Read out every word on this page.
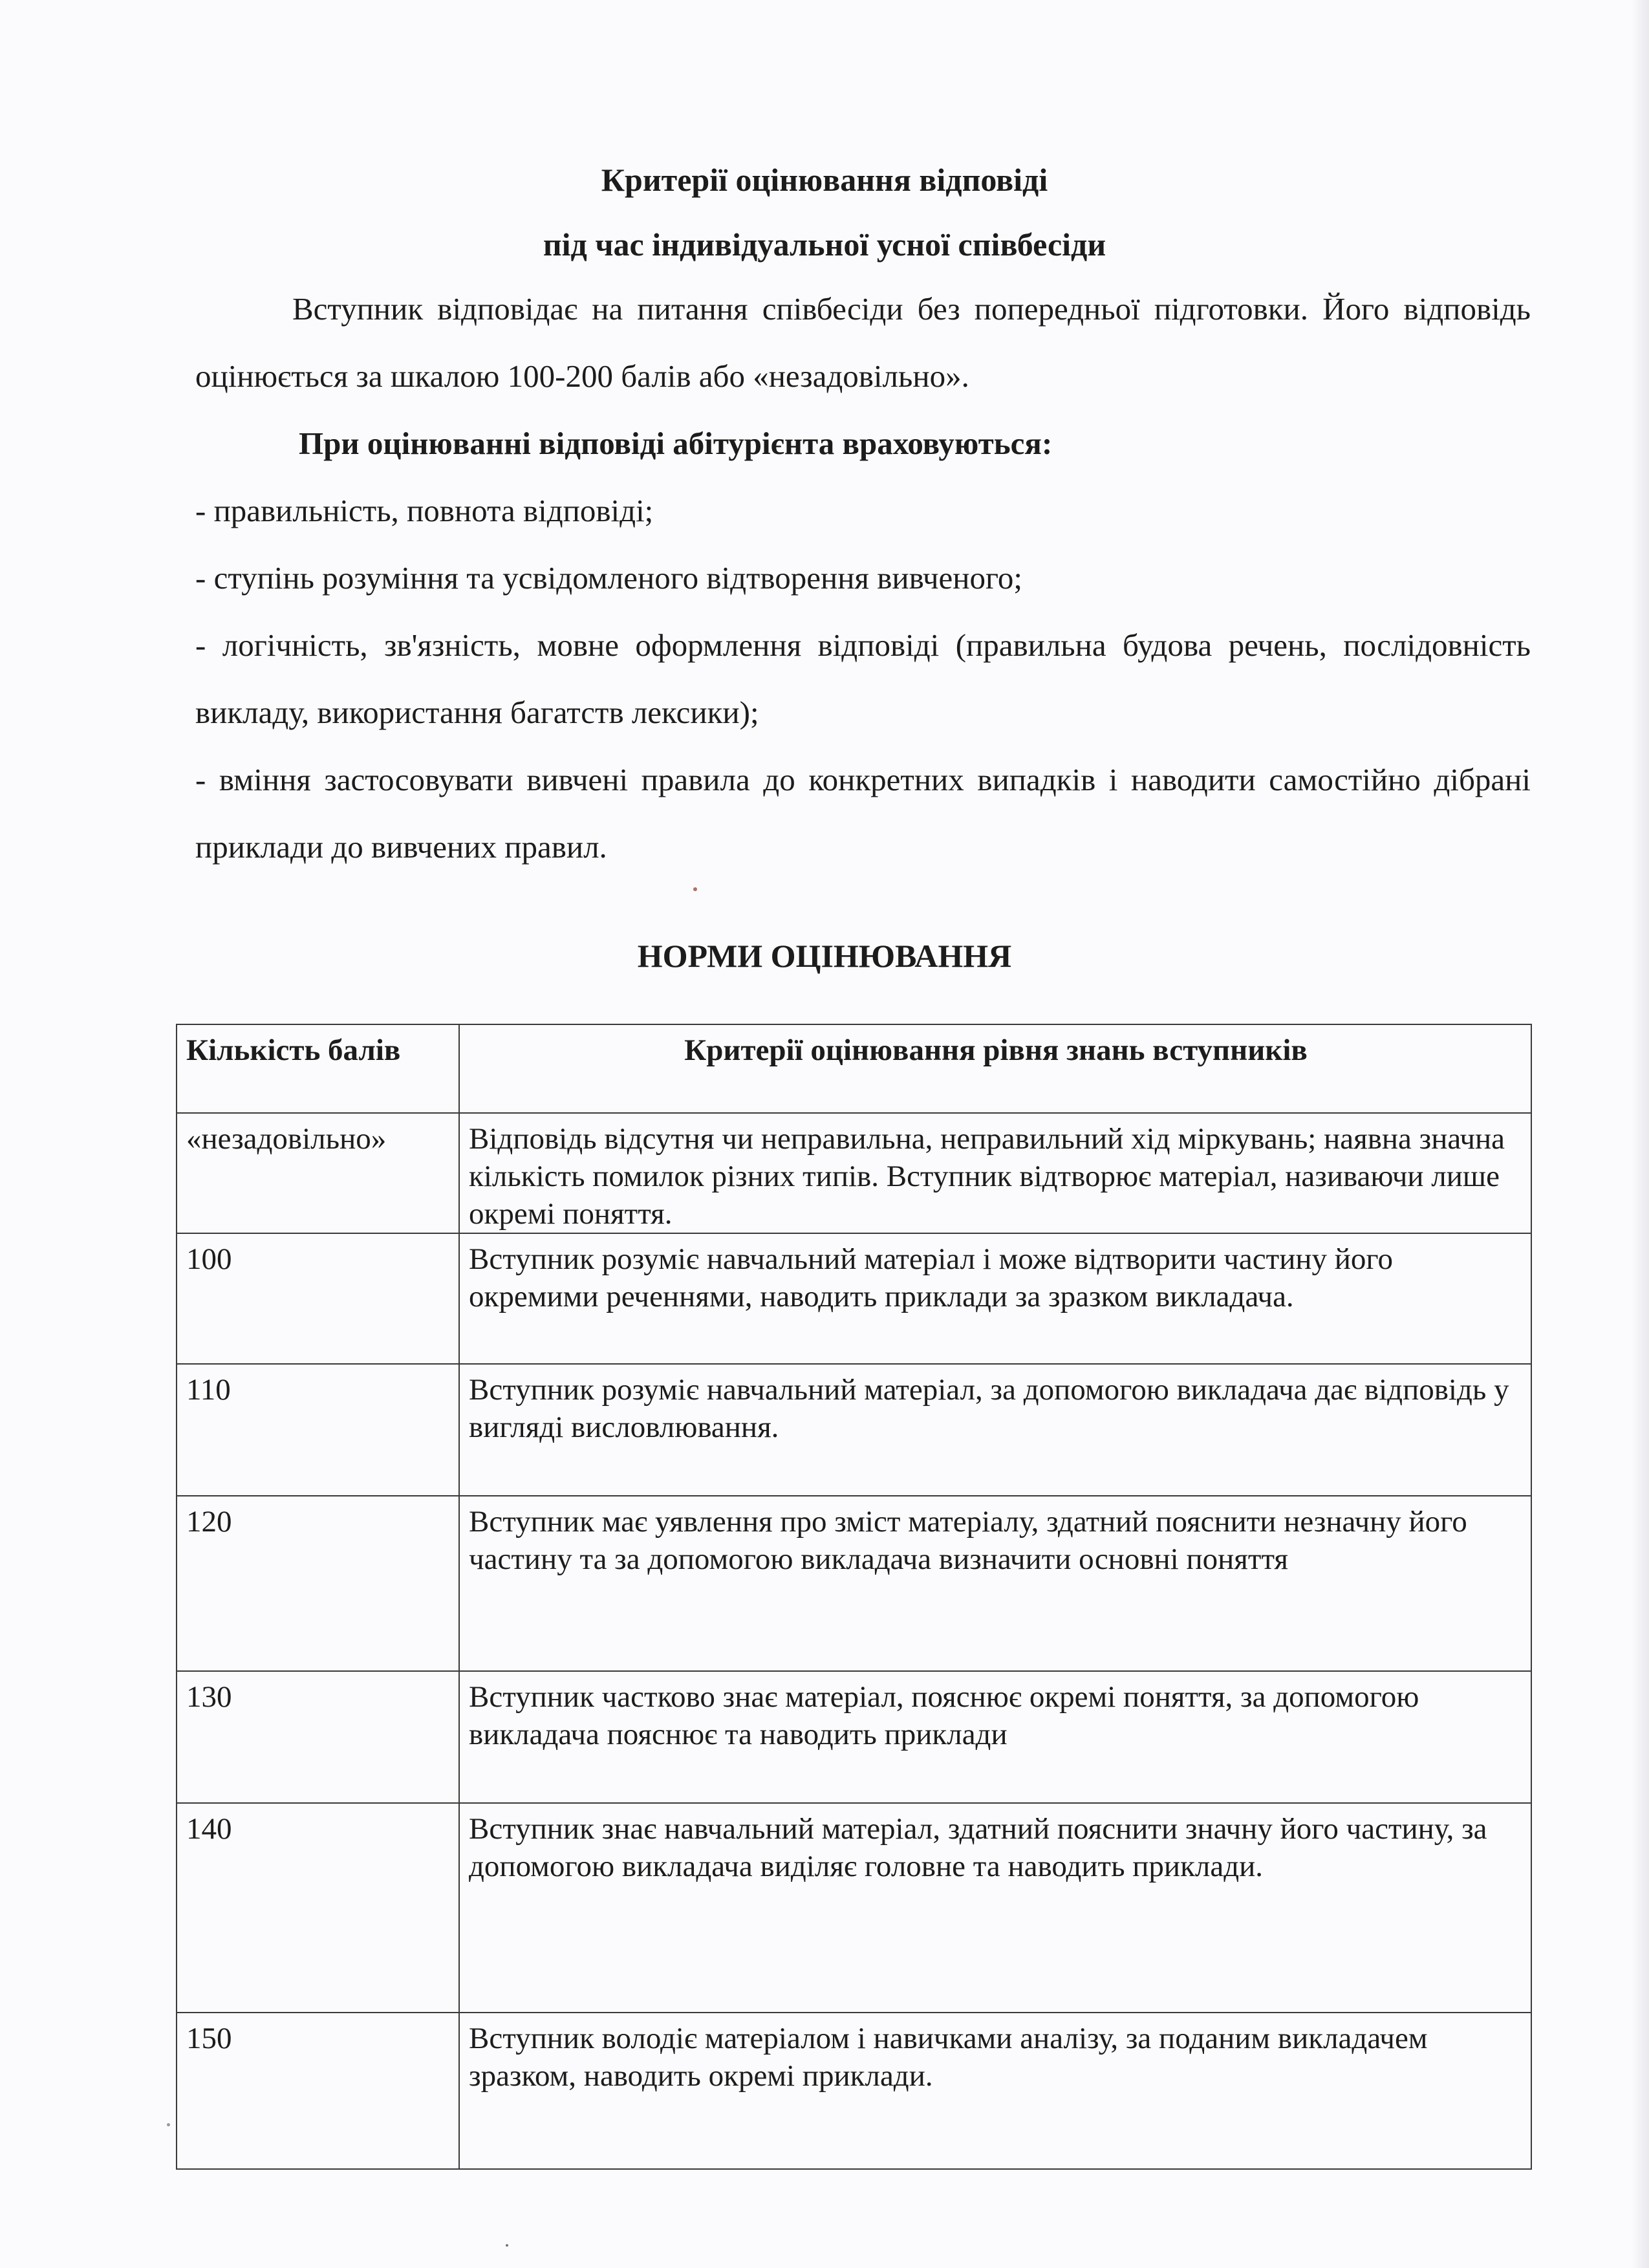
Критерії оцінювання відповіді
під час індивідуальної усної співбесіди

Вступник відповідає на питання співбесіди без попередньої підготовки. Його відповідь оцінюється за шкалою 100-200 балів або «незадовільно».

При оцінюванні відповіді абітурієнта враховуються:

- правильність, повнота відповіді;

- ступінь розуміння та усвідомленого відтворення вивченого;

- логічність, зв'язність, мовне оформлення відповіді (правильна будова речень, послідовність викладу, використання багатств лексики);

- вміння застосовувати вивчені правила до конкретних випадків і наводити самостійно дібрані приклади до вивчених правил.

НОРМИ ОЦІНЮВАННЯ
Кількість балів	Критерії оцінювання рівня знань вступників
«незадовільно»	Відповідь відсутня чи неправильна, неправильний хід міркувань; наявна значна кількість помилок різних типів. Вступник відтворює матеріал, називаючи лише окремі поняття.
100	Вступник розуміє навчальний матеріал і може відтворити частину його окремими реченнями, наводить приклади за зразком викладача.
110	Вступник розуміє навчальний матеріал, за допомогою викладача дає відповідь у вигляді висловлювання.
120	Вступник має уявлення про зміст матеріалу, здатний пояснити незначну його частину та за допомогою викладача визначити основні поняття
130	Вступник частково знає матеріал, пояснює окремі поняття, за допомогою викладача пояснює та наводить приклади
140	Вступник знає навчальний матеріал, здатний пояснити значну його частину, за допомогою викладача виділяє головне та наводить приклади.
150	Вступник володіє матеріалом і навичками аналізу, за поданим викладачем зразком, наводить окремі приклади.
